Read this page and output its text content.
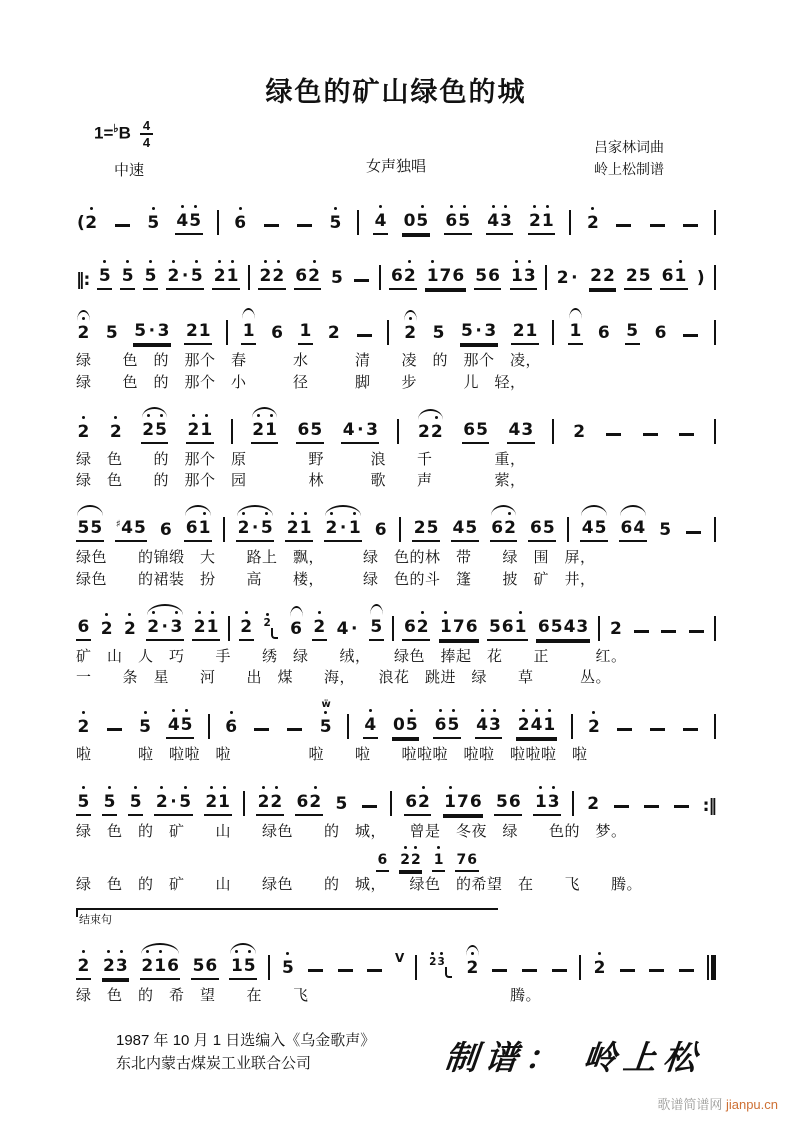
绿色的矿山绿色的城
$1=^♭B \frac{4}{4}$
中速	女声独唱
吕家林词曲
岭上松制谱
(2	5 4
5 6	5 4 05 6
5 4
3 2
1 2
‖: 5 5 5 2 · 5 2
1 2
2 62 5	62 1
76 56 1
3 2 · 22 25 61 )
2 5 5 · 3 21 1 6 1 2	2 5 5 · 3 21 1 6 5 6
绿　　色　的　那个　春　　　水　　　清　　凌　的　那个　凌，
绿　　色　的　那个　小　　　径　　　脚　　步　　　儿　轻，
2 2 2
5 2
1 2
1 65 4 · 3 22 65 43 2
绿　色　　的　那个　原　　　　野　　　浪　　千　　　　重，
绿　色　　的　那个　园　　　　林　　　歌　　声　　　　萦，
55 ♯45 6 61 2 · 5 2
1 2 · 1 6 25 45 62 65 45 64 5
绿色　　的锦缎　大　　路上　飘，　　　绿　色的林　带　　绿　围　屏，
绿色　　的裙装　扮　　高　　楼，　　　绿　色的斗　篷　　披　矿　井，
6 2 2 2 · 3 2
1 2 2 6 2 4 · 5 62 1
76 561 6543 2
矿　山　人　巧　　手　　绣　绿　　绒，　　绿色　捧起　花　　正　　　红。
一　　条　星　　河　　出　煤　　海，　　浪花　跳进　绿　　草　　　丛。
2	5 4
5 6	5
ẅ
4 05 6
5 4
3 2
4
1 2
啦　　　啦　啦啦　啦　　　　　啦　　啦　　啦啦啦　啦啦　啦啦啦　啦
5 5 5 2 · 5 2
1 2
2 62 5	62 1
76 56 1
3 2	:‖
绿　色　的　矿　　山　　绿色　　的　城，　　曾是　冬夜　绿　　色的　梦。
6 2
2 1 76
绿　色　的　矿　　山　　绿色　　的　城，　　绿色　的希望　在　　飞　　腾。
结束句
2 2
3 2
1
6 56 1
5 5
V 2
3 2	2
绿　色　的　希　望　　在　　飞　　　　　　　　　　　　　腾。
1987 年 10 月 1 日选编入《乌金歌声》
东北内蒙古煤炭工业联合公司	制谱： 岭上松
歌谱简谱网 jianpu.cn
